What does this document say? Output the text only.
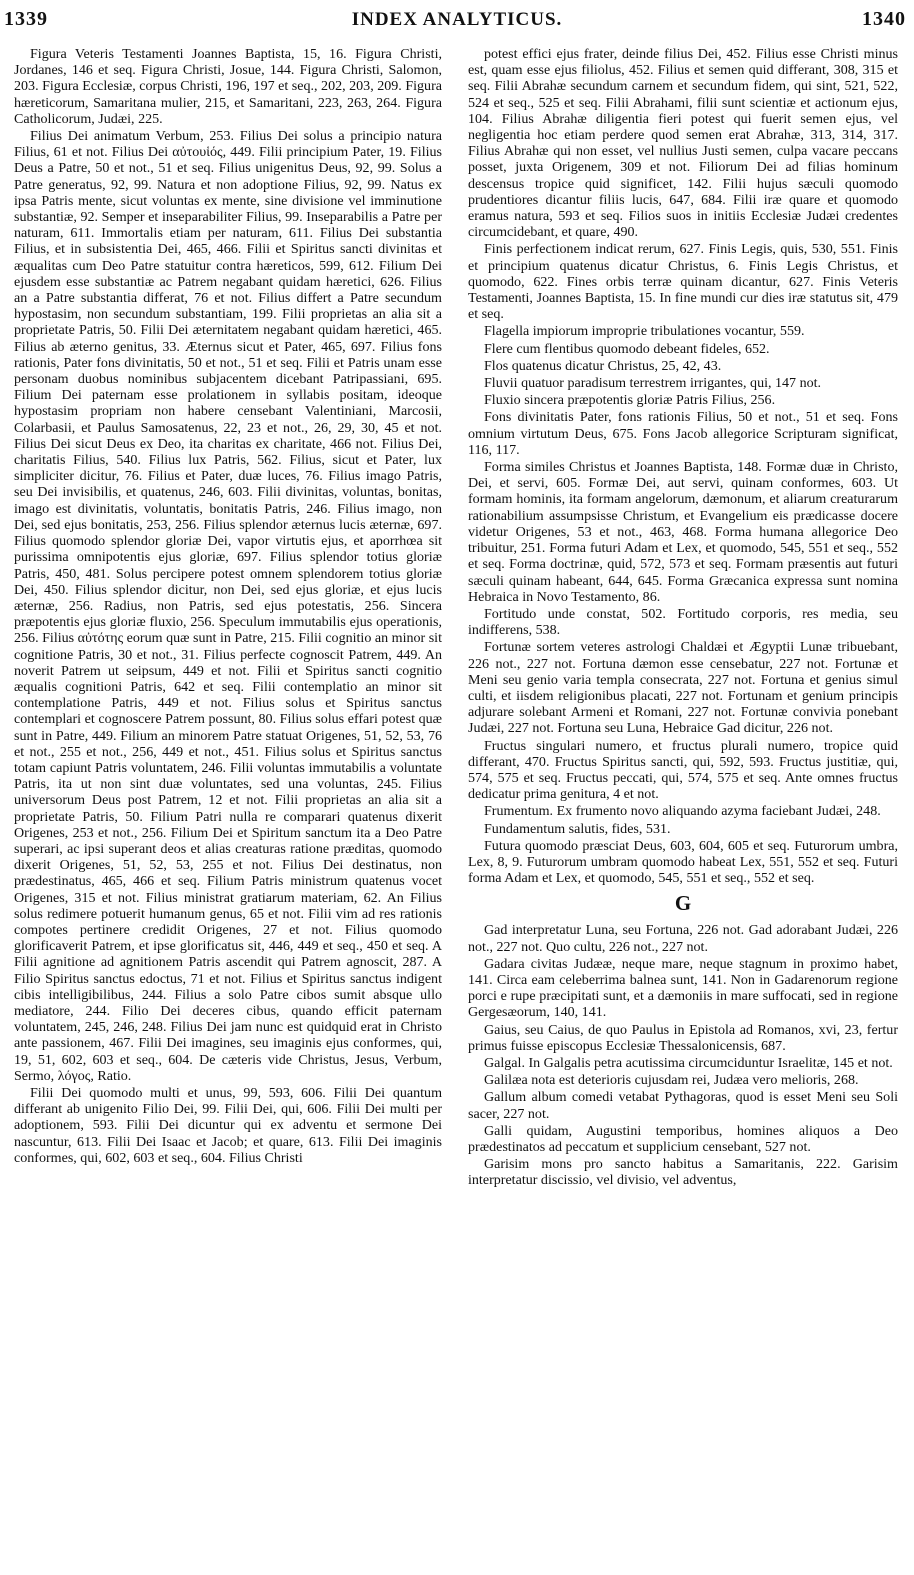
1339	INDEX ANALYTICUS.	1340

Figura Veteris Testamenti Joannes Baptista, 15, 16. Figura Christi, Jordanes, 146 et seq. Figura Christi, Josue, 144. Figura Christi, Salomon, 203. Figura Ecclesiæ, corpus Christi, 196, 197 et seq., 202, 203, 209. Figura hæreticorum, Samaritana mulier, 215, et Samaritani, 223, 263, 264. Figura Catholicorum, Judæi, 225.

Filius Dei animatum Verbum, 253. Filius Dei solus a principio natura Filius, 61 et not. Filius Dei αὐτουἱός, 449. Filii principium Pater, 19. Filius Deus a Patre, 50 et not., 51 et seq. Filius unigenitus Deus, 92, 99. Solus a Patre generatus, 92, 99. Natura et non adoptione Filius, 92, 99. Natus ex ipsa Patris mente, sicut voluntas ex mente, sine divisione vel imminutione substantiæ, 92. Semper et inseparabiliter Filius, 99. Inseparabilis a Patre per naturam, 611. Immortalis etiam per naturam, 611. Filius Dei substantia Filius, et in subsistentia Dei, 465, 466. Filii et Spiritus sancti divinitas et æqualitas cum Deo Patre statuitur contra hæreticos, 599, 612. Filium Dei ejusdem esse substantiæ ac Patrem negabant quidam hæretici, 626. Filius an a Patre substantia differat, 76 et not. Filius differt a Patre secundum hypostasim, non secundum substantiam, 199. Filii proprietas an alia sit a proprietate Patris, 50. Filii Dei æternitatem negabant quidam hæretici, 465. Filius ab æterno genitus, 33. Æternus sicut et Pater, 465, 697. Filius fons rationis, Pater fons divinitatis, 50 et not., 51 et seq. Filii et Patris unam esse personam duobus nominibus subjacentem dicebant Patripassiani, 695. Filium Dei paternam esse prolationem in syllabis positam, ideoque hypostasim propriam non habere censebant Valentiniani, Marcosii, Colarbasii, et Paulus Samosatenus, 22, 23 et not., 26, 29, 30, 45 et not. Filius Dei sicut Deus ex Deo, ita charitas ex charitate, 466 not. Filius Dei, charitatis Filius, 540. Filius lux Patris, 562. Filius, sicut et Pater, lux simpliciter dicitur, 76. Filius et Pater, duæ luces, 76. Filius imago Patris, seu Dei invisibilis, et quatenus, 246, 603. Filii divinitas, voluntas, bonitas, imago est divinitatis, voluntatis, bonitatis Patris, 246. Filius imago, non Dei, sed ejus bonitatis, 253, 256. Filius splendor æternus lucis æternæ, 697. Filius quomodo splendor gloriæ Dei, vapor virtutis ejus, et aporrhœa sit purissima omnipotentis ejus gloriæ, 697. Filius splendor totius gloriæ Patris, 450, 481. Solus percipere potest omnem splendorem totius gloriæ Dei, 450. Filius splendor dicitur, non Dei, sed ejus gloriæ, et ejus lucis æternæ, 256. Radius, non Patris, sed ejus potestatis, 256. Sincera præpotentis ejus gloriæ fluxio, 256. Speculum immutabilis ejus operationis, 256. Filius αὐτότης eorum quæ sunt in Patre, 215. Filii cognitio an minor sit cognitione Patris, 30 et not., 31. Filius perfecte cognoscit Patrem, 449. An noverit Patrem ut seipsum, 449 et not. Filii et Spiritus sancti cognitio æqualis cognitioni Patris, 642 et seq. Filii contemplatio an minor sit contemplatione Patris, 449 et not. Filius solus et Spiritus sanctus contemplari et cognoscere Patrem possunt, 80. Filius solus effari potest quæ sunt in Patre, 449. Filium an minorem Patre statuat Origenes, 51, 52, 53, 76 et not., 255 et not., 256, 449 et not., 451. Filius solus et Spiritus sanctus totam capiunt Patris voluntatem, 246. Filii voluntas immutabilis a voluntate Patris, ita ut non sint duæ voluntates, sed una voluntas, 245. Filius universorum Deus post Patrem, 12 et not. Filii proprietas an alia sit a proprietate Patris, 50. Filium Patri nulla re comparari quatenus dixerit Origenes, 253 et not., 256. Filium Dei et Spiritum sanctum ita a Deo Patre superari, ac ipsi superant deos et alias creaturas ratione præditas, quomodo dixerit Origenes, 51, 52, 53, 255 et not. Filius Dei destinatus, non prædestinatus, 465, 466 et seq. Filium Patris ministrum quatenus vocet Origenes, 315 et not. Filius ministrat gratiarum materiam, 62. An Filius solus redimere potuerit humanum genus, 65 et not. Filii vim ad res rationis compotes pertinere credidit Origenes, 27 et not. Filius quomodo glorificaverit Patrem, et ipse glorificatus sit, 446, 449 et seq., 450 et seq. A Filii agnitione ad agnitionem Patris ascendit qui Patrem agnoscit, 287. A Filio Spiritus sanctus edoctus, 71 et not. Filius et Spiritus sanctus indigent cibis intelligibilibus, 244. Filius a solo Patre cibos sumit absque ullo mediatore, 244. Filio Dei deceres cibus, quando efficit paternam voluntatem, 245, 246, 248. Filius Dei jam nunc est quidquid erat in Christo ante passionem, 467. Filii Dei imagines, seu imaginis ejus conformes, qui, 19, 51, 602, 603 et seq., 604. De cæteris vide Christus, Jesus, Verbum, Sermo, λόγος, Ratio.

Filii Dei quomodo multi et unus, 99, 593, 606. Filii Dei quantum differant ab unigenito Filio Dei, 99. Filii Dei, qui, 606. Filii Dei multi per adoptionem, 593. Filii Dei dicuntur qui ex adventu et sermone Dei nascuntur, 613. Filii Dei Isaac et Jacob; et quare, 613. Filii Dei imaginis conformes, qui, 602, 603 et seq., 604. Filius Christi

potest effici ejus frater, deinde filius Dei, 452. Filius esse Christi minus est, quam esse ejus filiolus, 452. Filius et semen quid differant, 308, 315 et seq. Filii Abrahæ secundum carnem et secundum fidem, qui sint, 521, 522, 524 et seq., 525 et seq. Filii Abrahami, filii sunt scientiæ et actionum ejus, 104. Filius Abrahæ diligentia fieri potest qui fuerit semen ejus, vel negligentia hoc etiam perdere quod semen erat Abrahæ, 313, 314, 317. Filius Abrahæ qui non esset, vel nullius Justi semen, culpa vacare peccans posset, juxta Origenem, 309 et not. Filiorum Dei ad filias hominum descensus tropice quid significet, 142. Filii hujus sæculi quomodo prudentiores dicantur filiis lucis, 647, 684. Filii iræ quare et quomodo eramus natura, 593 et seq. Filios suos in initiis Ecclesiæ Judæi credentes circumcidebant, et quare, 490.

Finis perfectionem indicat rerum, 627. Finis Legis, quis, 530, 551. Finis et principium quatenus dicatur Christus, 6. Finis Legis Christus, et quomodo, 622. Fines orbis terræ quinam dicantur, 627. Finis Veteris Testamenti, Joannes Baptista, 15. In fine mundi cur dies iræ statutus sit, 479 et seq.

Flagella impiorum improprie tribulationes vocantur, 559.

Flere cum flentibus quomodo debeant fideles, 652.

Flos quatenus dicatur Christus, 25, 42, 43.

Fluvii quatuor paradisum terrestrem irrigantes, qui, 147 not.

Fluxio sincera præpotentis gloriæ Patris Filius, 256.

Fons divinitatis Pater, fons rationis Filius, 50 et not., 51 et seq. Fons omnium virtutum Deus, 675. Fons Jacob allegorice Scripturam significat, 116, 117.

Forma similes Christus et Joannes Baptista, 148. Formæ duæ in Christo, Dei, et servi, 605. Formæ Dei, aut servi, quinam conformes, 603. Ut formam hominis, ita formam angelorum, dæmonum, et aliarum creaturarum rationabilium assumpsisse Christum, et Evangelium eis prædicasse docere videtur Origenes, 53 et not., 463, 468. Forma humana allegorice Deo tribuitur, 251. Forma futuri Adam et Lex, et quomodo, 545, 551 et seq., 552 et seq. Forma doctrinæ, quid, 572, 573 et seq. Formam præsentis aut futuri sæculi quinam habeant, 644, 645. Forma Græcanica expressa sunt nomina Hebraica in Novo Testamento, 86.

Fortitudo unde constat, 502. Fortitudo corporis, res media, seu indifferens, 538.

Fortunæ sortem veteres astrologi Chaldæi et Ægyptii Lunæ tribuebant, 226 not., 227 not. Fortuna dæmon esse censebatur, 227 not. Fortunæ et Meni seu genio varia templa consecrata, 227 not. Fortuna et genius simul culti, et iisdem religionibus placati, 227 not. Fortunam et genium principis adjurare solebant Armeni et Romani, 227 not. Fortunæ convivia ponebant Judæi, 227 not. Fortuna seu Luna, Hebraice Gad dicitur, 226 not.

Fructus singulari numero, et fructus plurali numero, tropice quid differant, 470. Fructus Spiritus sancti, qui, 592, 593. Fructus justitiæ, qui, 574, 575 et seq. Fructus peccati, qui, 574, 575 et seq. Ante omnes fructus dedicatur prima genitura, 4 et not.

Frumentum. Ex frumento novo aliquando azyma faciebant Judæi, 248.

Fundamentum salutis, fides, 531.

Futura quomodo præsciat Deus, 603, 604, 605 et seq. Futurorum umbra, Lex, 8, 9. Futurorum umbram quomodo habeat Lex, 551, 552 et seq. Futuri forma Adam et Lex, et quomodo, 545, 551 et seq., 552 et seq.

G

Gad interpretatur Luna, seu Fortuna, 226 not. Gad adorabant Judæi, 226 not., 227 not. Quo cultu, 226 not., 227 not.

Gadara civitas Judææ, neque mare, neque stagnum in proximo habet, 141. Circa eam celeberrima balnea sunt, 141. Non in Gadarenorum regione porci e rupe præcipitati sunt, et a dæmoniis in mare suffocati, sed in regione Gergesæorum, 140, 141.

Gaius, seu Caius, de quo Paulus in Epistola ad Romanos, xvi, 23, fertur primus fuisse episcopus Ecclesiæ Thessalonicensis, 687.

Galgal. In Galgalis petra acutissima circumciduntur Israelitæ, 145 et not.

Galilæa nota est deterioris cujusdam rei, Judæa vero melioris, 268.

Gallum album comedi vetabat Pythagoras, quod is esset Meni seu Soli sacer, 227 not.

Galli quidam, Augustini temporibus, homines aliquos a Deo prædestinatos ad peccatum et supplicium censebant, 527 not.

Garisim mons pro sancto habitus a Samaritanis, 222. Garisim interpretatur discissio, vel divisio, vel adventus,
